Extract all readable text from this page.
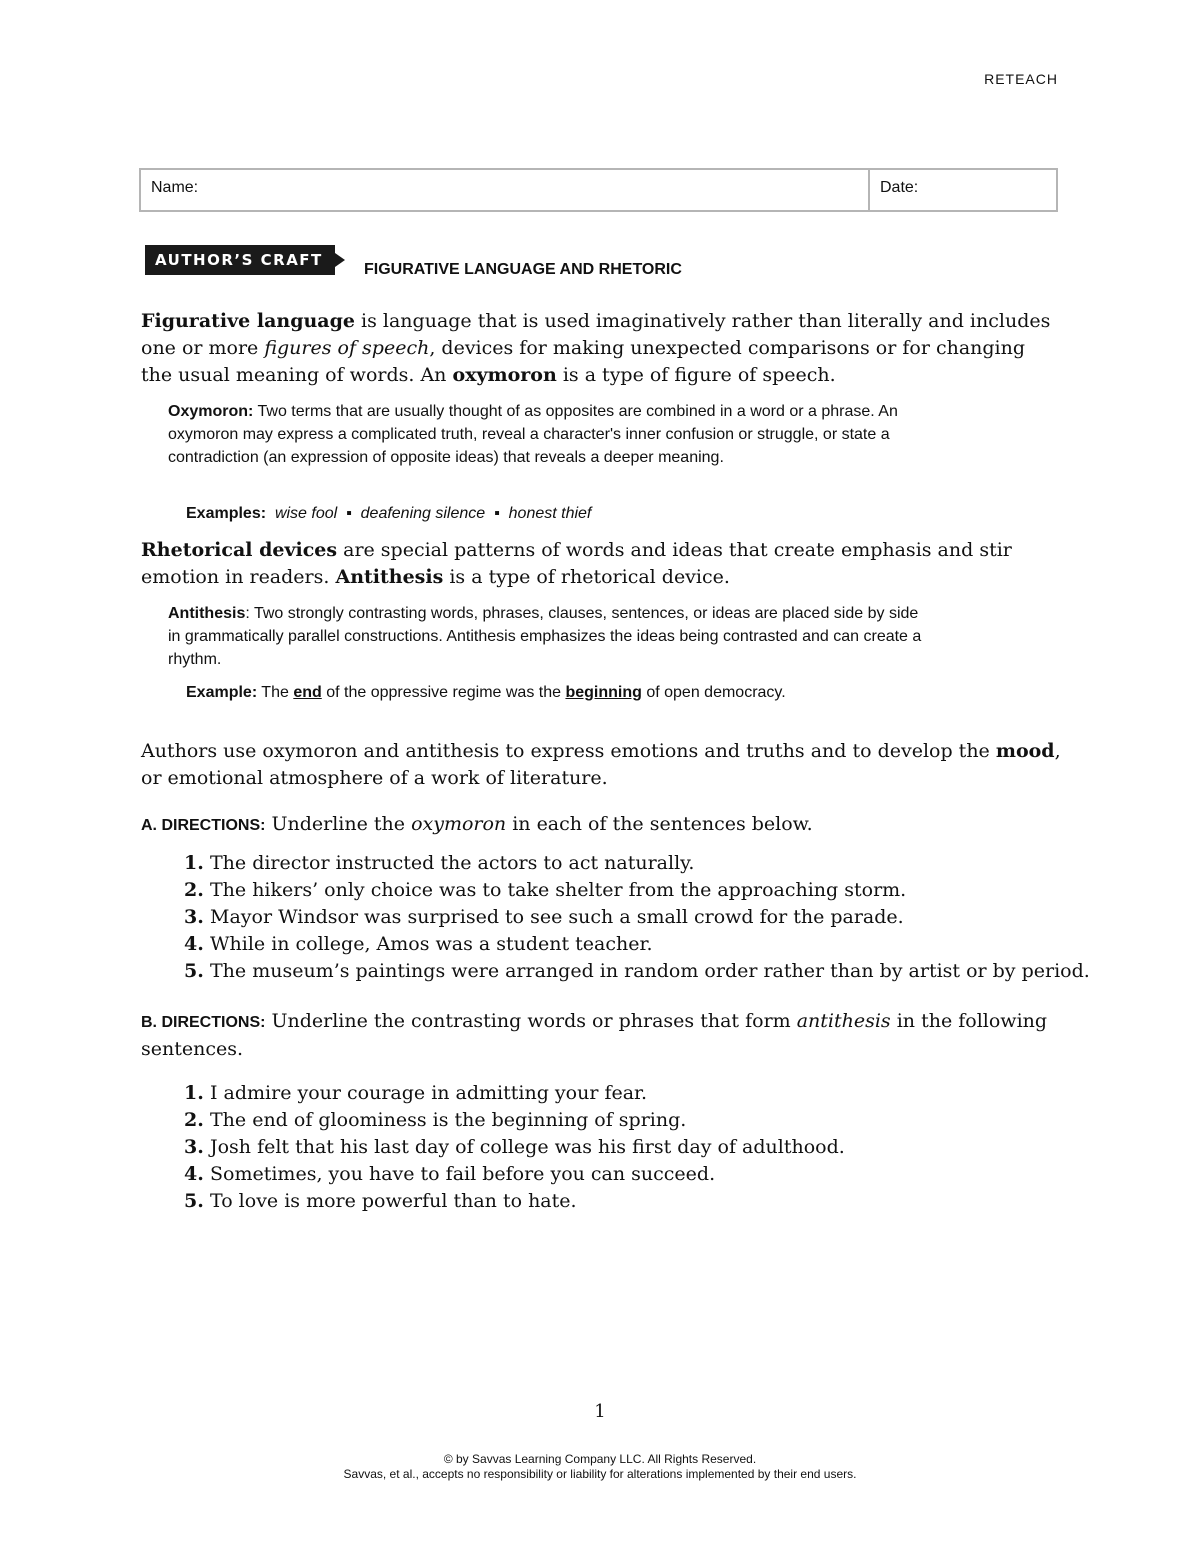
RETEACH
Name:	Date:
AUTHOR’S CRAFT
FIGURATIVE LANGUAGE AND RHETORIC
Figurative language is language that is used imaginatively rather than literally and includes one or more figures of speech, devices for making unexpected comparisons or for changing the usual meaning of words. An oxymoron is a type of figure of speech.
Oxymoron: Two terms that are usually thought of as opposites are combined in a word or a phrase. An oxymoron may express a complicated truth, reveal a character's inner confusion or struggle, or state a contradiction (an expression of opposite ideas) that reveals a deeper meaning.
Examples: wise fool ▪ deafening silence ▪ honest thief
Rhetorical devices are special patterns of words and ideas that create emphasis and stir emotion in readers. Antithesis is a type of rhetorical device.
Antithesis: Two strongly contrasting words, phrases, clauses, sentences, or ideas are placed side by side in grammatically parallel constructions. Antithesis emphasizes the ideas being contrasted and can create a rhythm.
Example: The end of the oppressive regime was the beginning of open democracy.
Authors use oxymoron and antithesis to express emotions and truths and to develop the mood, or emotional atmosphere of a work of literature.
A. DIRECTIONS: Underline the oxymoron in each of the sentences below.
1. The director instructed the actors to act naturally.
2. The hikers’ only choice was to take shelter from the approaching storm.
3. Mayor Windsor was surprised to see such a small crowd for the parade.
4. While in college, Amos was a student teacher.
5. The museum’s paintings were arranged in random order rather than by artist or by period.
B. DIRECTIONS: Underline the contrasting words or phrases that form antithesis in the following sentences.
1. I admire your courage in admitting your fear.
2. The end of gloominess is the beginning of spring.
3. Josh felt that his last day of college was his first day of adulthood.
4. Sometimes, you have to fail before you can succeed.
5. To love is more powerful than to hate.
1
© by Savvas Learning Company LLC. All Rights Reserved.
Savvas, et al., accepts no responsibility or liability for alterations implemented by their end users.
